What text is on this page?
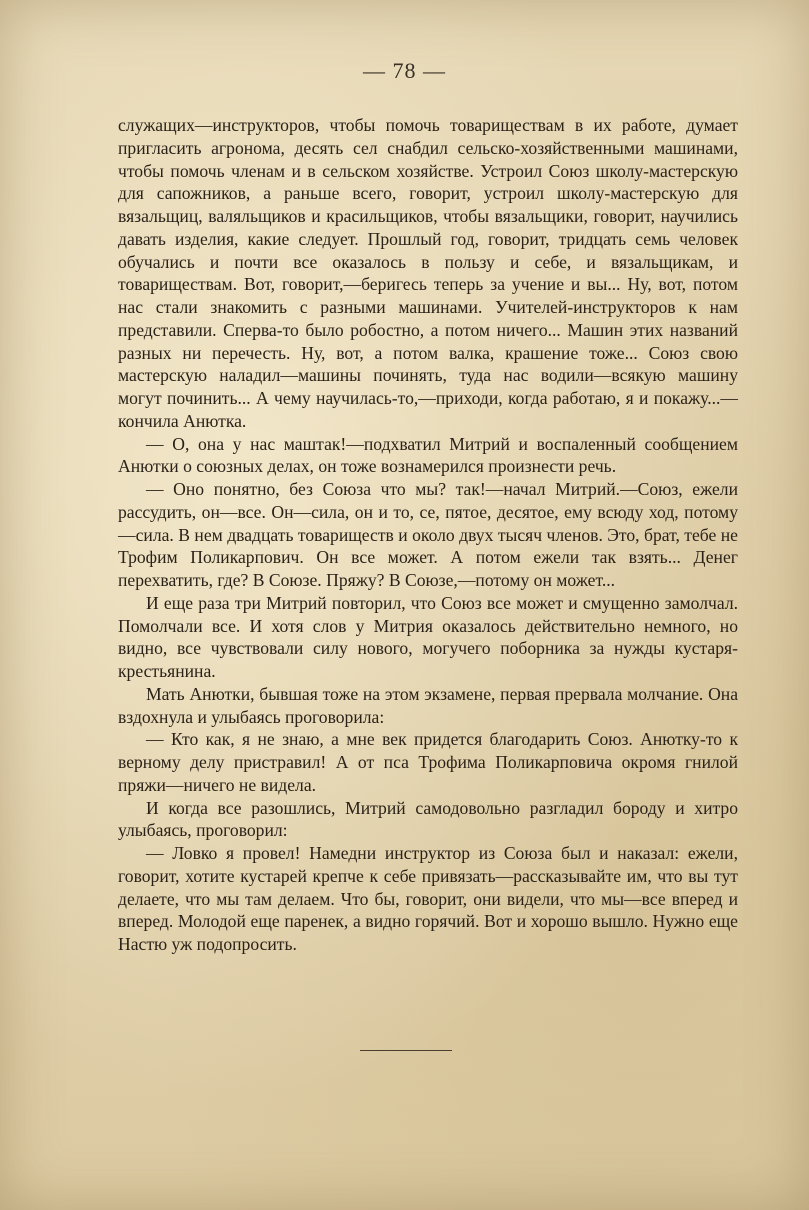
— 78 —

служащих—инструкторов, чтобы помочь товариществам в их работе, думает пригласить агронома, десять сел снабдил сельско-хозяйственными машинами, чтобы помочь членам и в сельском хозяйстве. Устроил Союз школу-мастерскую для сапожников, а раньше всего, говорит, устроил школу-мастерскую для вязальщиц, валяльщиков и красильщиков, чтобы вязальщики, говорит, научились давать изделия, какие следует. Прошлый год, говорит, тридцать семь человек обучались и почти все оказалось в пользу и себе, и вязальщикам, и товариществам. Вот, говорит,—беригесь теперь за учение и вы... Ну, вот, потом нас стали знакомить с разными машинами. Учителей-инструкторов к нам представили. Сперва-то было робостно, а потом ничего... Машин этих названий разных ни перечесть. Ну, вот, а потом валка, крашение тоже... Союз свою мастерскую наладил—машины починять, туда нас водили—всякую машину могут починить... А чему научилась-то,—приходи, когда работаю, я и покажу...—кончила Анютка.

— О, она у нас маштак!—подхватил Митрий и воспаленный сообщением Анютки о союзных делах, он тоже вознамерился произнести речь.

— Оно понятно, без Союза что мы? так!—начал Митрий.—Союз, ежели рассудить, он—все. Он—сила, он и то, се, пятое, десятое, ему всюду ход, потому—сила. В нем двадцать товариществ и около двух тысяч членов. Это, брат, тебе не Трофим Поликарпович. Он все может. А потом ежели так взять... Денег перехватить, где? В Союзе. Пряжу? В Союзе,—потому он может...

И еще раза три Митрий повторил, что Союз все может и смущенно замолчал. Помолчали все. И хотя слов у Митрия оказалось действительно немного, но видно, все чувствовали силу нового, могучего поборника за нужды кустаря-крестьянина.

Мать Анютки, бывшая тоже на этом экзамене, первая прервала молчание. Она вздохнула и улыбаясь проговорила:

— Кто как, я не знаю, а мне век придется благодарить Союз. Анютку-то к верному делу пристравил! А от пса Трофима Поликарповича окромя гнилой пряжи—ничего не видела.

И когда все разошлись, Митрий самодовольно разгладил бороду и хитро улыбаясь, проговорил:

— Ловко я провел! Намедни инструктор из Союза был и наказал: ежели, говорит, хотите кустарей крепче к себе привязать—рассказывайте им, что вы тут делаете, что мы там делаем. Что бы, говорит, они видели, что мы—все вперед и вперед. Молодой еще паренек, а видно горячий. Вот и хорошо вышло. Нужно еще Настю уж подопросить.
